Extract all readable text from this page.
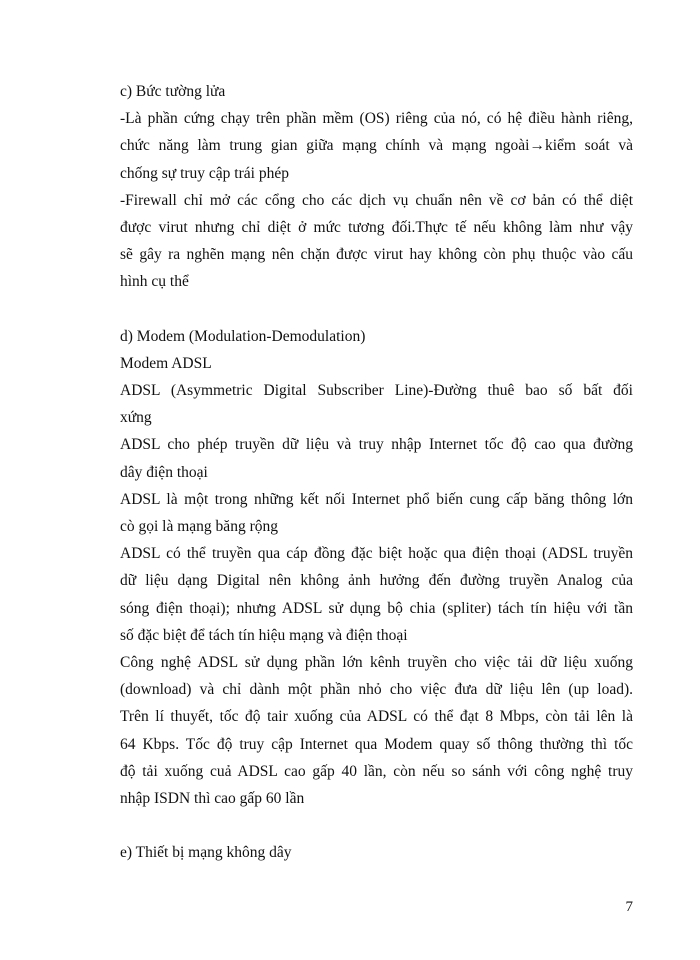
c) Bức tường lửa
-Là phần cứng chạy trên phần mềm (OS) riêng của nó, có hệ điều hành riêng,
chức năng làm trung gian giữa mạng chính và mạng ngoài→kiểm soát và
chống sự truy cập trái phép
-Firewall chỉ mở các cổng cho các dịch vụ chuẩn nên về cơ bản có thể diệt
được virut nhưng chỉ diệt ở mức tương đối.Thực tế nếu không làm như vậy
sẽ gây ra nghẽn mạng nên chặn được virut hay không còn phụ thuộc vào cấu
hình cụ thể
d) Modem (Modulation-Demodulation)
Modem ADSL
ADSL (Asymmetric Digital Subscriber Line)-Đường thuê bao số bất đối
xứng
ADSL cho phép truyền dữ liệu và truy nhập Internet tốc độ cao qua đường
dây điện thoại
ADSL là một trong những kết nối Internet phổ biến cung cấp băng thông lớn
cò gọi là mạng băng rộng
ADSL có thể truyền qua cáp đồng đặc biệt hoặc qua điện thoại (ADSL truyền
dữ liệu dạng Digital nên không ảnh hưởng đến đường truyền Analog của
sóng điện thoại); nhưng ADSL sử dụng bộ chia (spliter) tách tín hiệu với tần
số đặc biệt để tách tín hiệu mạng và điện thoại
Công nghệ ADSL sử dụng phần lớn kênh truyền cho việc tải dữ liệu xuống
(download) và chỉ dành một phần nhỏ cho việc đưa dữ liệu lên (up load).
Trên lí thuyết, tốc độ tair xuống của ADSL có thể đạt 8 Mbps, còn tải lên là
64 Kbps. Tốc độ truy cập Internet qua Modem quay số thông thường thì tốc
độ tải xuống cuả ADSL cao gấp 40 lần, còn nếu so sánh với công nghệ truy
nhập ISDN thì cao gấp 60 lần
e) Thiết bị mạng không dây
7
